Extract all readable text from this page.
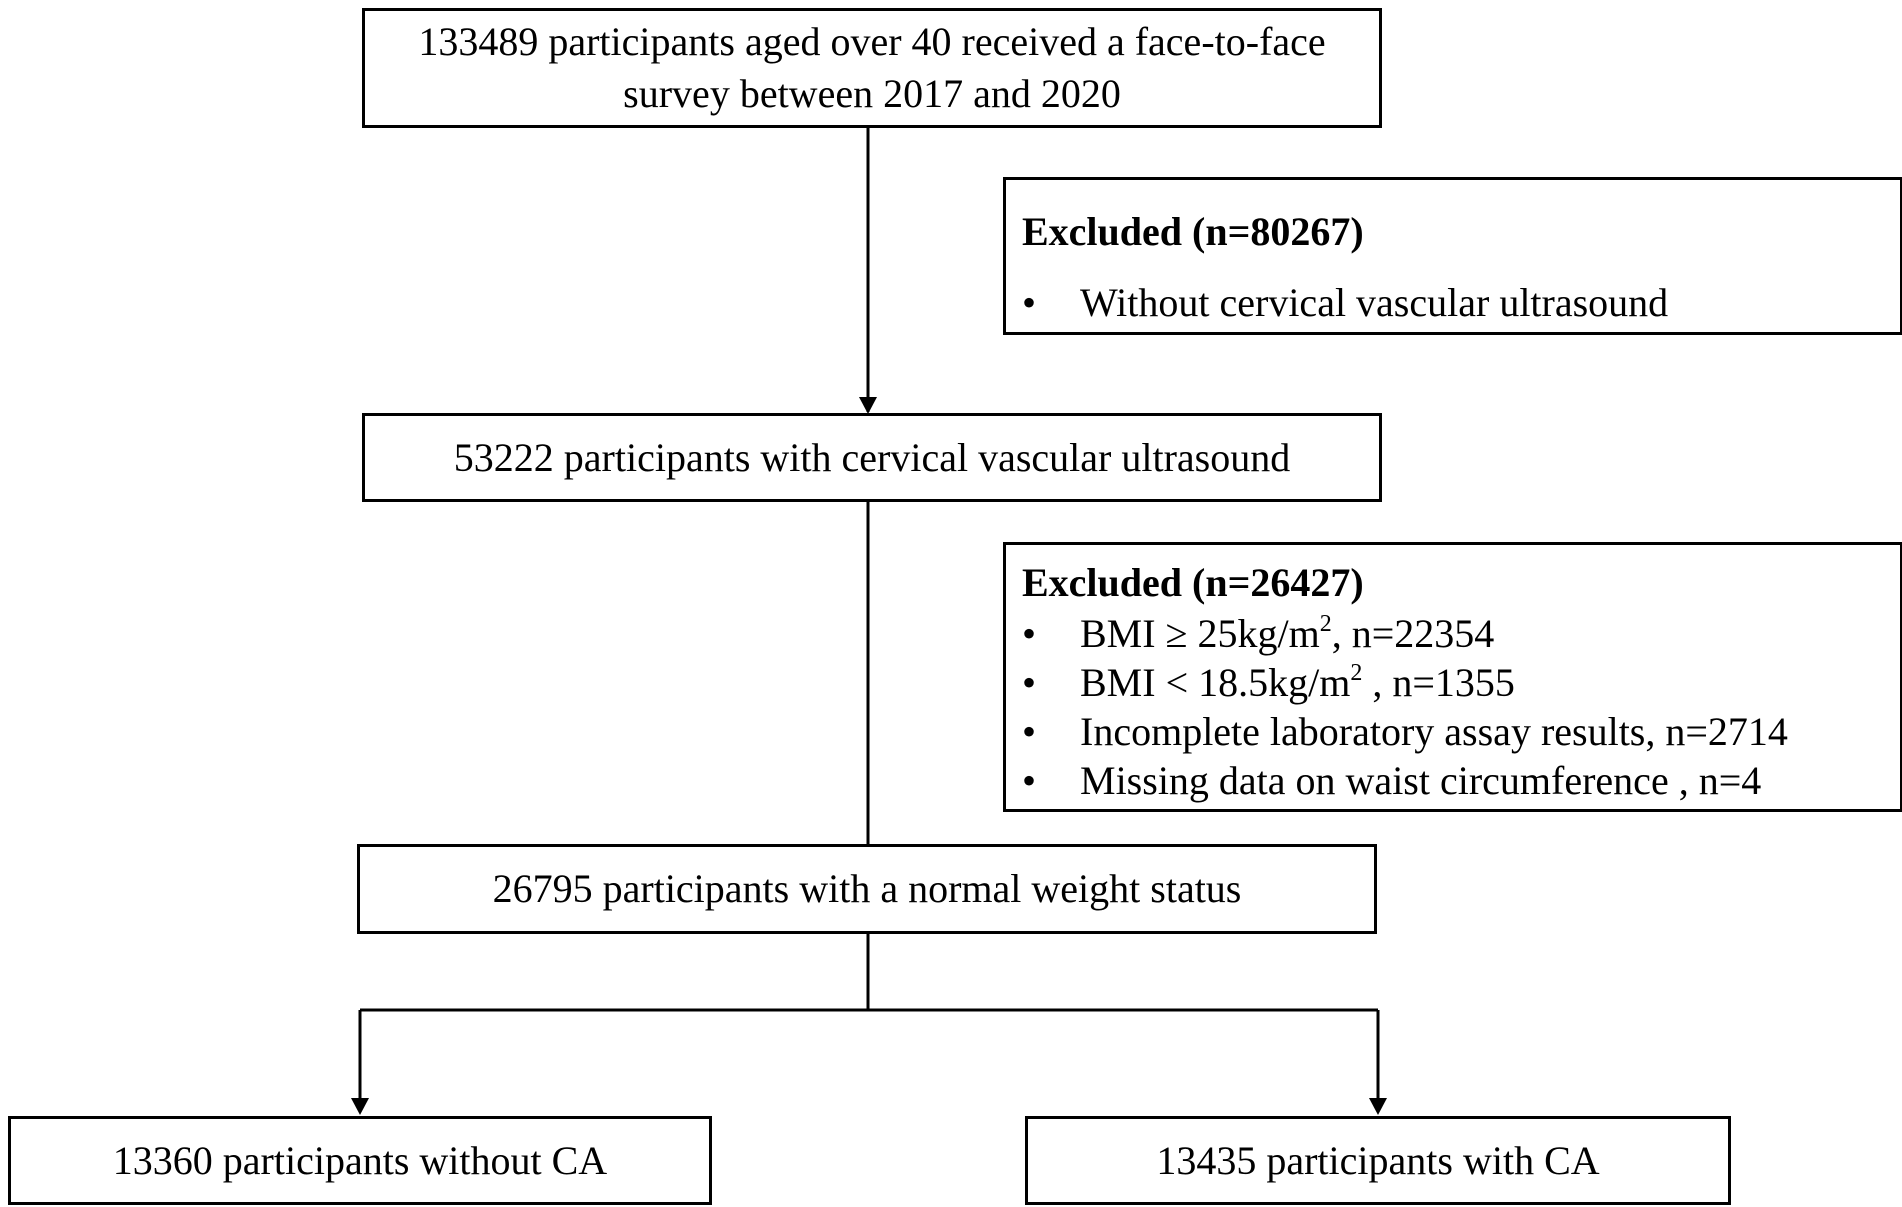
133489 participants aged over 40 received a face-to-face
survey between 2017 and 2020
Excluded (n=80267)
•	Without cervical vascular ultrasound
53222 participants with cervical vascular ultrasound
Excluded (n=26427)
•	BMI ≥ $25kg/m^2$, n=22354
•	BMI < $18.5kg/m^2$ , n=1355
•	Incomplete laboratory assay results, n=2714
•	Missing data on waist circumference , n=4
26795 participants with a normal weight status
13360 participants without CA	13435 participants with CA
